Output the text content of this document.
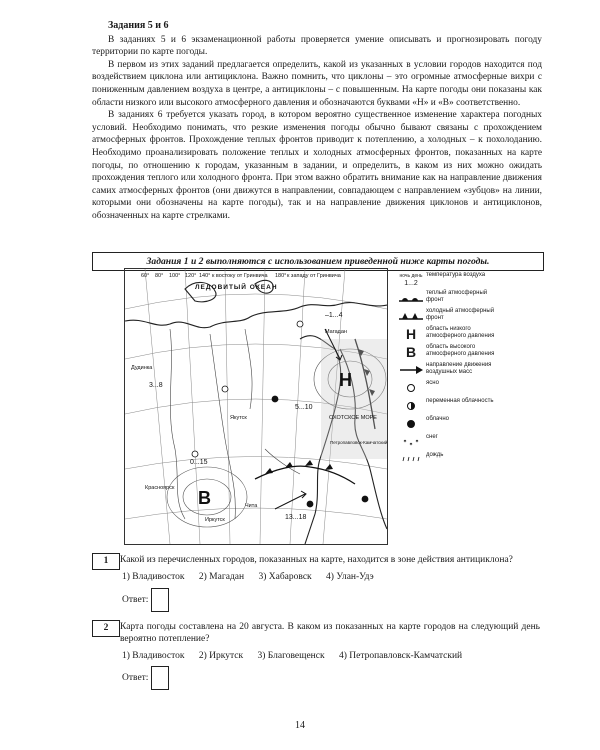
Задания 5 и 6

В заданиях 5 и 6 экзаменационной работы проверяется умение описывать и прогнозировать погоду территории по карте погоды.

В первом из этих заданий предлагается определить, какой из указанных в условии городов находится под воздействием циклона или антициклона. Важно помнить, что циклоны – это огромные атмосферные вихри с пониженным давлением воздуха в центре, а антициклоны – с повышенным. На карте погоды они показаны как области низкого или высокого атмосферного давления и обозначаются буквами «Н» и «В» соответственно.

В заданиях 6 требуется указать город, в котором вероятно существенное изменение характера погодных условий. Необходимо понимать, что резкие изменения погоды обычно бывают связаны с прохождением атмосферных фронтов. Прохождение теплых фронтов приводит к потеплению, а холодных – к похолоданию. Необходимо проанализировать положение теплых и холодных атмосферных фронтов, показанных на карте погоды, по отношению к городам, указанным в задании, и определить, в каком из них можно ожидать прохождения теплого или холодного фронта. При этом важно обратить внимание как на направление движения самих атмосферных фронтов (они движутся в направлении, совпадающем с направлением «зубцов» на линии, которыми они обозначены на карте погоды), так и на направление движения циклонов и антициклонов, обозначенных на карте стрелками.

Задания 1 и 2 выполняются с использованием приведенной ниже карты погоды.
60° 80° 100° 120° 140° к востоку от Гринвича 180° к западу от Гринвича
ЛЕДОВИТЫЙ ОКЕАН
–1...4
3...8
5...10
0...15
13...18
Якутск
Магадан
Красноярск
Иркутск
Дудинка
Чита
Н
В
ОХОТСКОЕ МОРЕ
Петропавловск-Камчатский
ночь день
1...2
температура воздуха
теплый атмосферный фронт
холодный атмосферный фронт
Н	область низкого атмосферного давления
В	область высокого атмосферного давления
направление движения воздушных масс
ясно
переменная облачность
облачно
снег
дождь
1	Какой из перечисленных городов, показанных на карте, находится в зоне действия антициклона?
1) Владивосток 2) Магадан 3) Хабаровск 4) Улан-Удэ
Ответ:
2	Карта погоды составлена на 20 августа. В каком из показанных на карте городов на следующий день вероятно потепление?
1) Владивосток 2) Иркутск 3) Благовещенск 4) Петропавловск-Камчатский
Ответ:
14
